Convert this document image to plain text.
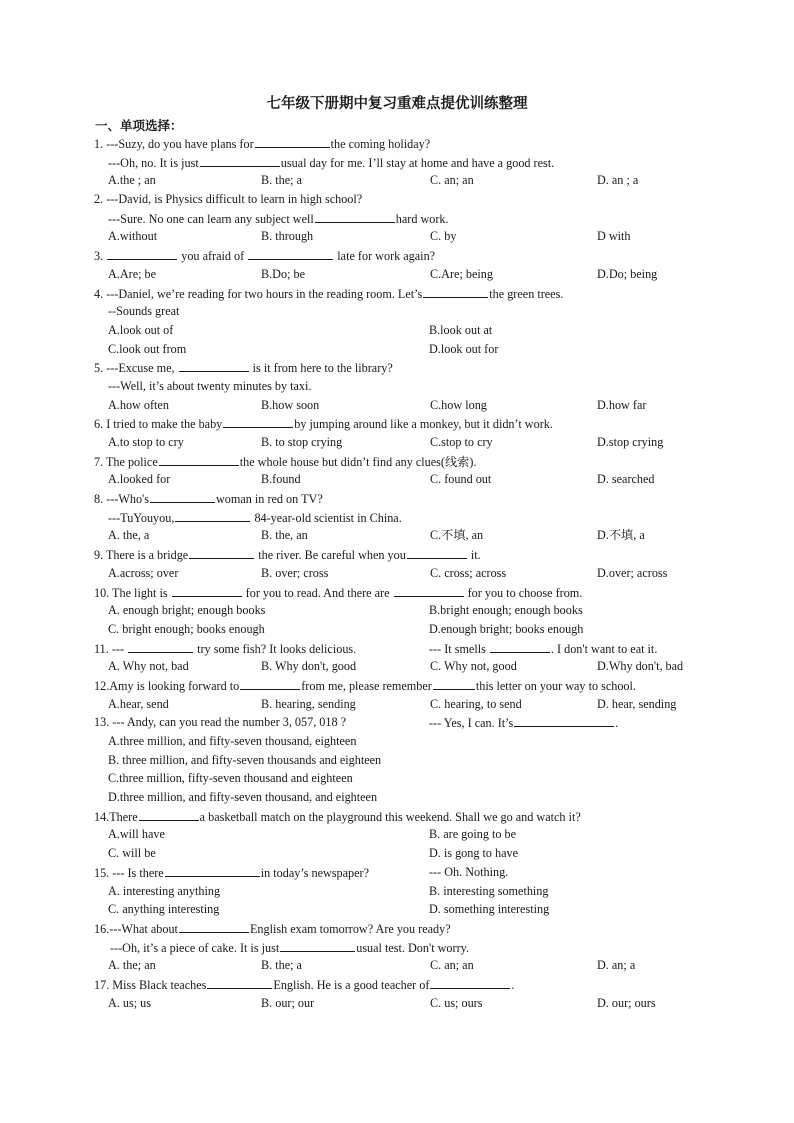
七年级下册期中复习重难点提优训练整理
一、单项选择：
1. ---Suzy, do you have plans for	the coming holiday?
---Oh, no. It is just	usual day for me. I’ll stay at home and have a good rest.
A.the ; an	B. the; a	C. an; an	D. an ; a
2. ---David, is Physics difficult to learn in high school?
---Sure. No one can learn any subject well	hard work.
A.without	B. through	C. by	D with
3.	you afraid of	late for work again?
A.Are; be	B.Do; be	C.Are; being	D.Do; being
4. ---Daniel, we’re reading for two hours in the reading room. Let’s	the green trees.
--Sounds great
A.look out of	B.look out at
C.look out from	D.look out for
5. ---Excuse me,	is it from here to the library?
---Well, it’s about twenty minutes by taxi.
A.how often	B.how soon	C.how long	D.how far
6. I tried to make the baby	by jumping around like a monkey, but it didn’t work.
A.to stop to cry	B. to stop crying	C.stop to cry	D.stop crying
7. The police	the whole house but didn’t find any clues(线索).
A.looked for	B.found	C. found out	D. searched
8. ---Who's	woman in red on TV?
---TuYouyou,	84-year-old scientist in China.
A. the, a	B. the, an	C.不填, an	D.不填, a
9. There is a bridge	the river. Be careful when you	it.
A.across; over	B. over; cross	C. cross; across	D.over; across
10. The light is	for you to read. And there are	for you to choose from.
A. enough bright; enough books	B.bright enough; enough books
C. bright enough; books enough	D.enough bright; books enough
11. ---	try some fish? It looks delicious.	--- It smells	. I don't want to eat it.
A. Why not, bad	B. Why don't, good	C. Why not, good	D.Why don't, bad
12.Amy is looking forward to	from me, please remember	this letter on your way to school.
A.hear, send	B. hearing, sending	C. hearing, to send	D. hear, sending
13. --- Andy, can you read the number 3, 057, 018 ?	--- Yes, I can. It’s	.
A.three million, and fifty-seven thousand, eighteen
B. three million, and fifty-seven thousands and eighteen
C.three million, fifty-seven thousand and eighteen
D.three million, and fifty-seven thousand, and eighteen
14.There	a basketball match on the playground this weekend. Shall we go and watch it?
A.will have	B. are going to be
C. will be	D. is gong to have
15. --- Is there	in today’s newspaper?	--- Oh. Nothing.
A. interesting anything	B. interesting something
C. anything interesting	D. something interesting
16.---What about	English exam tomorrow? Are you ready?
---Oh, it’s a piece of cake. It is just	usual test. Don't worry.
A. the; an	B. the; a	C. an; an	D. an; a
17. Miss Black teaches	English. He is a good teacher of	.
A. us; us	B. our; our	C. us; ours	D. our; ours
